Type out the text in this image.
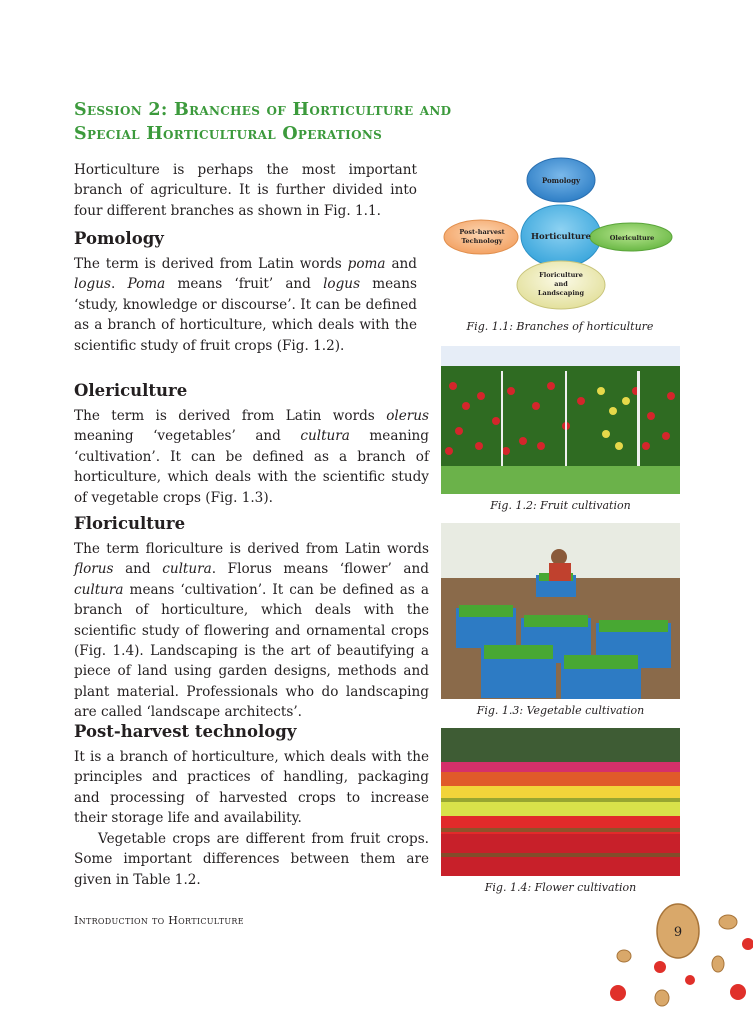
Session 2: Branches of Horticulture and
Special Horticultural Operations
Horticulture is perhaps the most important branch of agriculture. It is further divided into four different branches as shown in Fig. 1.1.
Pomology
The term is derived from Latin words poma and logus. Poma means ‘fruit’ and logus means ‘study, knowledge or discourse’. It can be defined as a branch of horticulture, which deals with the scientific study of fruit crops (Fig. 1.2).
Olericulture
The term is derived from Latin words olerus meaning ‘vegetables’ and cultura meaning ‘cultivation’. It can be defined as a branch of horticulture, which deals with the scientific study of vegetable crops (Fig. 1.3).
Floriculture
The term floriculture is derived from Latin words florus and cultura. Florus means ‘flower’ and cultura means ‘cultivation’. It can be defined as a branch of horticulture, which deals with the scientific study of flowering and ornamental crops (Fig. 1.4). Landscaping is the art of beautifying a piece of land using garden designs, methods and plant material. Professionals who do landscaping are called ‘landscape architects’.
Post-harvest technology
It is a branch of horticulture, which deals with the principles and practices of handling, packaging and processing of harvested crops to increase their storage life and availability.
Vegetable crops are different from fruit crops. Some important differences between them are given in Table 1.2.
Horticulture
Pomology
Post-harvest
Technology	Olericulture
Floriculture
and
Landscaping
Fig. 1.1: Branches of horticulture
Fig. 1.2: Fruit cultivation
Fig. 1.3: Vegetable cultivation
Fig. 1.4: Flower cultivation
Introduction to Horticulture
9
